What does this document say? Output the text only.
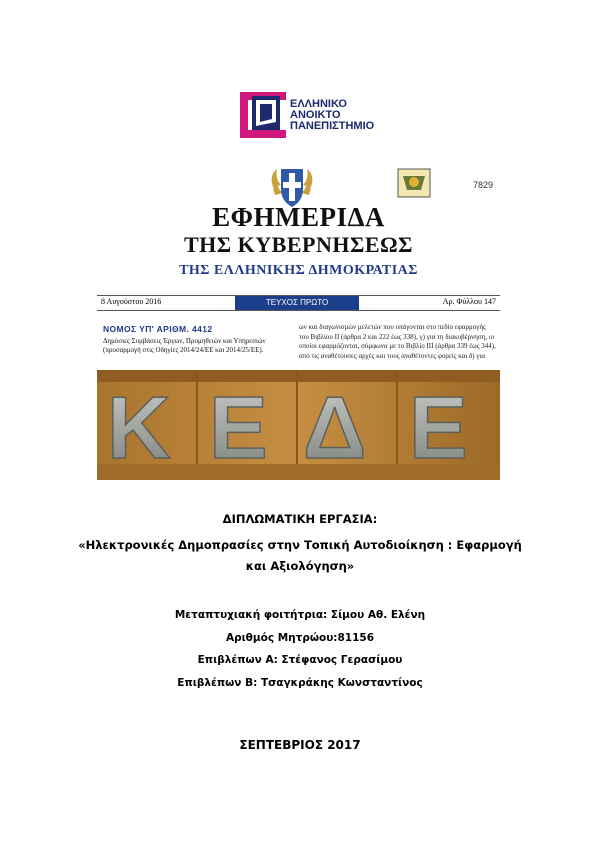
ΕΛΛΗΝΙΚΟ
ΑΝΟΙΚΤΟ
ΠΑΝΕΠΙΣΤΗΜΙΟ
7829
ΕΦΗΜΕΡΙΔΑ
ΤΗΣ ΚΥΒΕΡΝΗΣΕΩΣ
ΤΗΣ ΕΛΛΗΝΙΚΗΣ ΔΗΜΟΚΡΑΤΙΑΣ
8 Αυγούστου 2016	ΤΕΥΧΟΣ ΠΡΩΤΟ	Αρ. Φύλλου 147
ΝΟΜΟΣ ΥΠ' ΑΡΙΘΜ. 4412
Δημόσιες Συμβάσεις Έργων, Προμηθειών και Υπηρεσιών (προσαρμογή στις Οδηγίες 2014/24/ΕΕ και 2014/25/ΕΕ).
ων και διαγωνισμών μελετών που υπάγονται στο πεδίο εφαρμογής του Βιβλίου ΙΙ (άρθρα 2 και 222 έως 338), γ) για τη διακυβέρνηση, οι οποίοι εφαρμόζονται, σύμφωνα με το Βιβλίο ΙΙΙ (άρθρα 339 έως 344), από τις αναθέτουσες αρχές και τους αναθέτοντες φορείς και δ) για
Κ Ε Δ Ε
ΔΙΠΛΩΜΑΤΙΚΗ ΕΡΓΑΣΙΑ:
«Ηλεκτρονικές Δημοπρασίες στην Τοπική Αυτοδιοίκηση : Εφαρμογή
και Αξιολόγηση»
Μεταπτυχιακή φοιτήτρια: Σίμου Αθ. Ελένη
Αριθμός Μητρώου:81156
Επιβλέπων Α: Στέφανος Γερασίμου
Επιβλέπων Β: Τσαγκράκης Κωνσταντίνος
ΣΕΠΤΕΒΡΙΟΣ 2017
